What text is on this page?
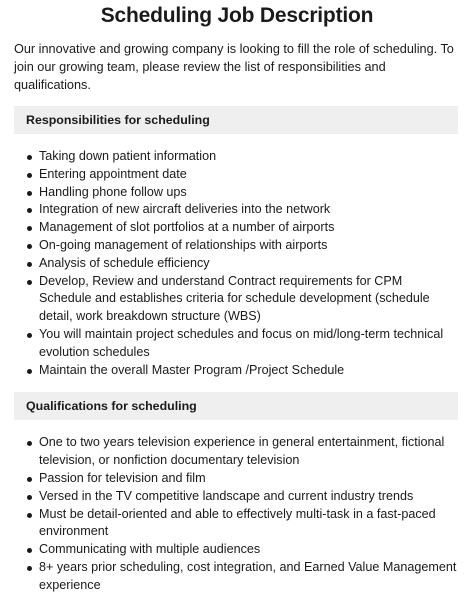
Scheduling Job Description

Our innovative and growing company is looking to fill the role of scheduling. To join our growing team, please review the list of responsibilities and qualifications.

Responsibilities for scheduling
Taking down patient information
Entering appointment date
Handling phone follow ups
Integration of new aircraft deliveries into the network
Management of slot portfolios at a number of airports
On-going management of relationships with airports
Analysis of schedule efficiency
Develop, Review and understand Contract requirements for CPM Schedule and establishes criteria for schedule development (schedule detail, work breakdown structure (WBS)
You will maintain project schedules and focus on mid/long-term technical evolution schedules
Maintain the overall Master Program /Project Schedule
Qualifications for scheduling
One to two years television experience in general entertainment, fictional television, or nonfiction documentary television
Passion for television and film
Versed in the TV competitive landscape and current industry trends
Must be detail-oriented and able to effectively multi-task in a fast-paced environment
Communicating with multiple audiences
8+ years prior scheduling, cost integration, and Earned Value Management experience
